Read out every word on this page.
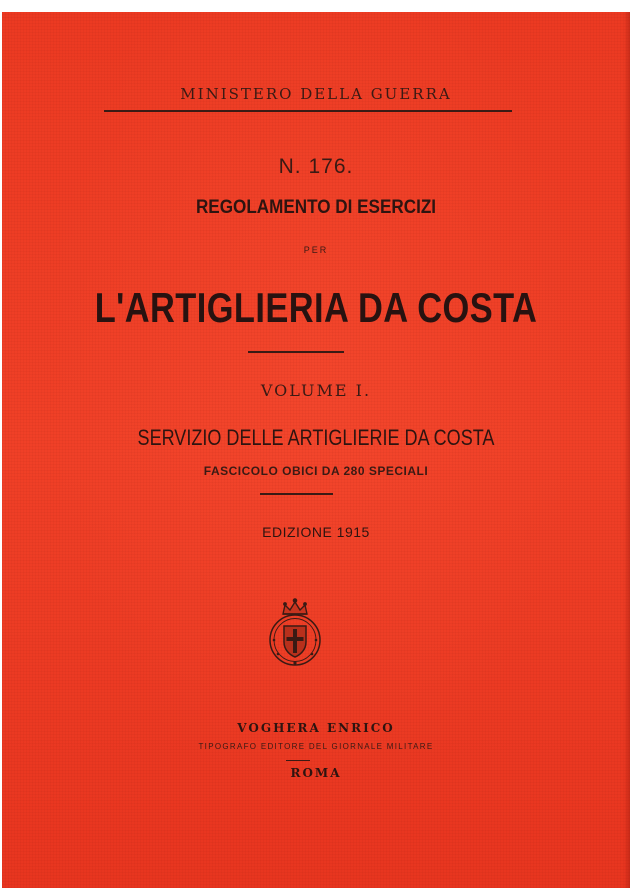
MINISTERO DELLA GUERRA
N. 176.
REGOLAMENTO DI ESERCIZI
PER
L'ARTIGLIERIA DA COSTA
VOLUME I.
SERVIZIO DELLE ARTIGLIERIE DA COSTA
FASCICOLO OBICI DA 280 SPECIALI
EDIZIONE 1915
VOGHERA ENRICO
TIPOGRAFO EDITORE DEL GIORNALE MILITARE
ROMA
